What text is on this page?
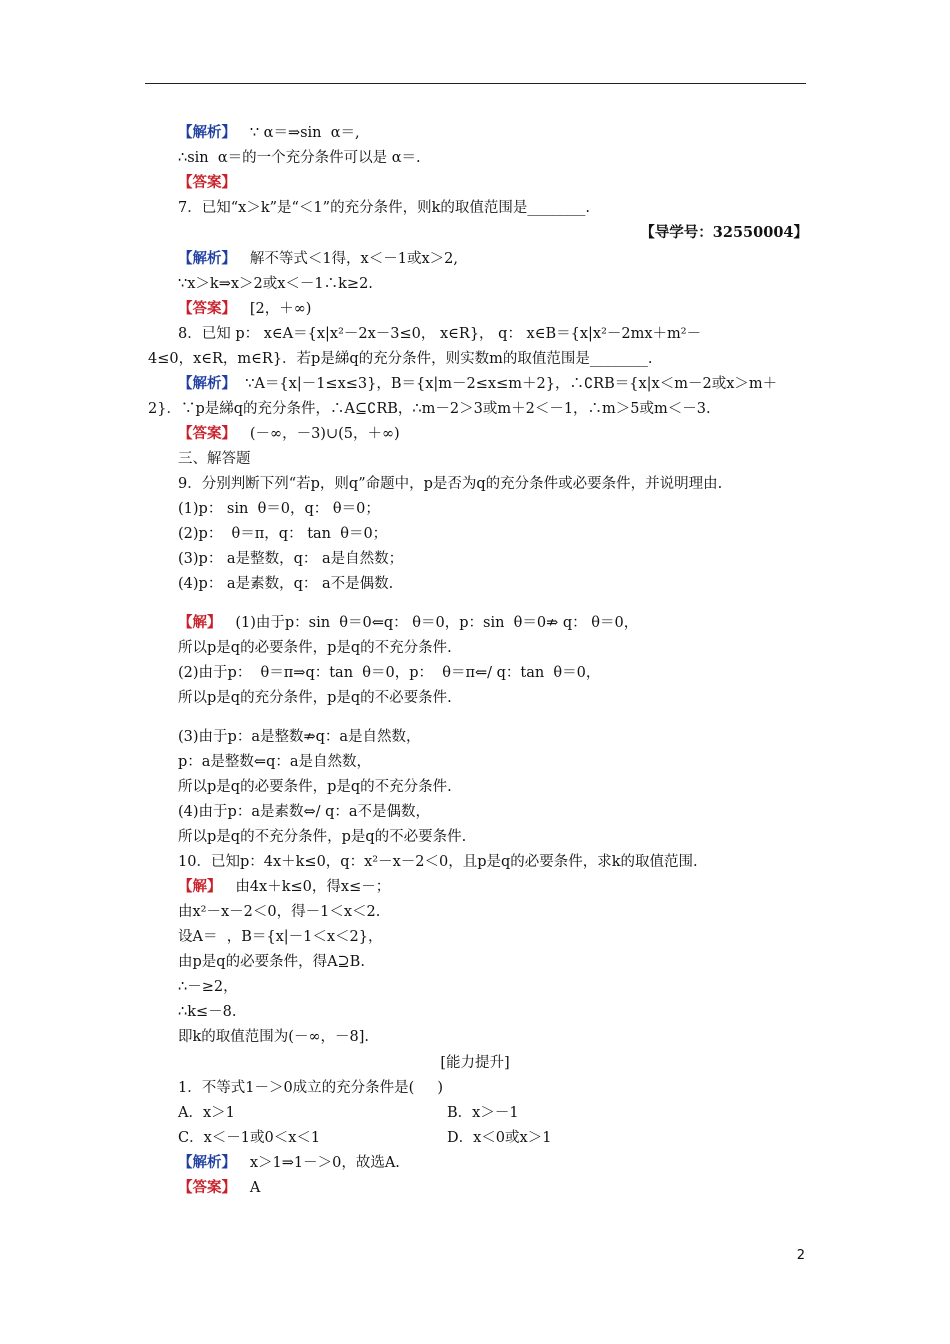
【解析】   ∵ α＝⇒sin  α＝,
∴sin  α＝的一个充分条件可以是 α＝.
【答案】
7．已知“x＞k”是“＜1”的充分条件，则k的取值范围是________.
【导学号：32550004】
【解析】   解不等式＜1得，x＜－1或x＞2,
∵x＞k⇒x＞2或x＜－1∴k≥2.
【答案】   [2，＋∞)
8．已知 p： x∈A＝{x|x²－2x－3≤0， x∈R}， q： x∈B＝{x|x²－2mx＋m²－
4≤0，x∈R，m∈R}．若p是綈q的充分条件，则实数m的取值范围是________.
【解析】  ∵A＝{x|－1≤x≤3}，B＝{x|m－2≤x≤m＋2}，∴∁RB＝{x|x＜m－2或x＞m＋
2}．∵p是綈q的充分条件，∴A⊆∁RB，∴m－2＞3或m＋2＜－1，∴m＞5或m＜－3.
【答案】   (－∞，－3)∪(5，＋∞)
三、解答题
9．分别判断下列“若p，则q”命题中，p是否为q的充分条件或必要条件，并说明理由.
(1)p： sin  θ＝0，q： θ＝0；
(2)p：  θ＝π，q： tan  θ＝0；
(3)p： a是整数，q： a是自然数；
(4)p： a是素数，q： a不是偶数.
【解】   (1)由于p：sin  θ＝0⇐q： θ＝0，p：sin  θ＝0⇏ q： θ＝0，
所以p是q的必要条件，p是q的不充分条件.
(2)由于p：  θ＝π⇒q：tan  θ＝0，p：  θ＝π⇐/ q：tan  θ＝0，
所以p是q的充分条件，p是q的不必要条件.
(3)由于p：a是整数⇏q：a是自然数，
p：a是整数⇐q：a是自然数，
所以p是q的必要条件，p是q的不充分条件.
(4)由于p：a是素数⇔/ q：a不是偶数，
所以p是q的不充分条件，p是q的不必要条件.
10．已知p：4x＋k≤0，q：x²－x－2＜0，且p是q的必要条件，求k的取值范围.
【解】   由4x＋k≤0，得x≤－；
由x²－x－2＜0，得－1＜x＜2.
设A＝  ，B＝{x|－1＜x＜2}，
由p是q的必要条件，得A⊇B.
∴－≥2，
∴k≤－8.
即k的取值范围为(－∞，－8].
[能力提升]
1．不等式1－＞0成立的充分条件是(     )
A．x＞1	B．x＞－1
C．x＜－1或0＜x＜1	D．x＜0或x＞1
【解析】   x＞1⇒1－＞0，故选A.
【答案】   A
2
